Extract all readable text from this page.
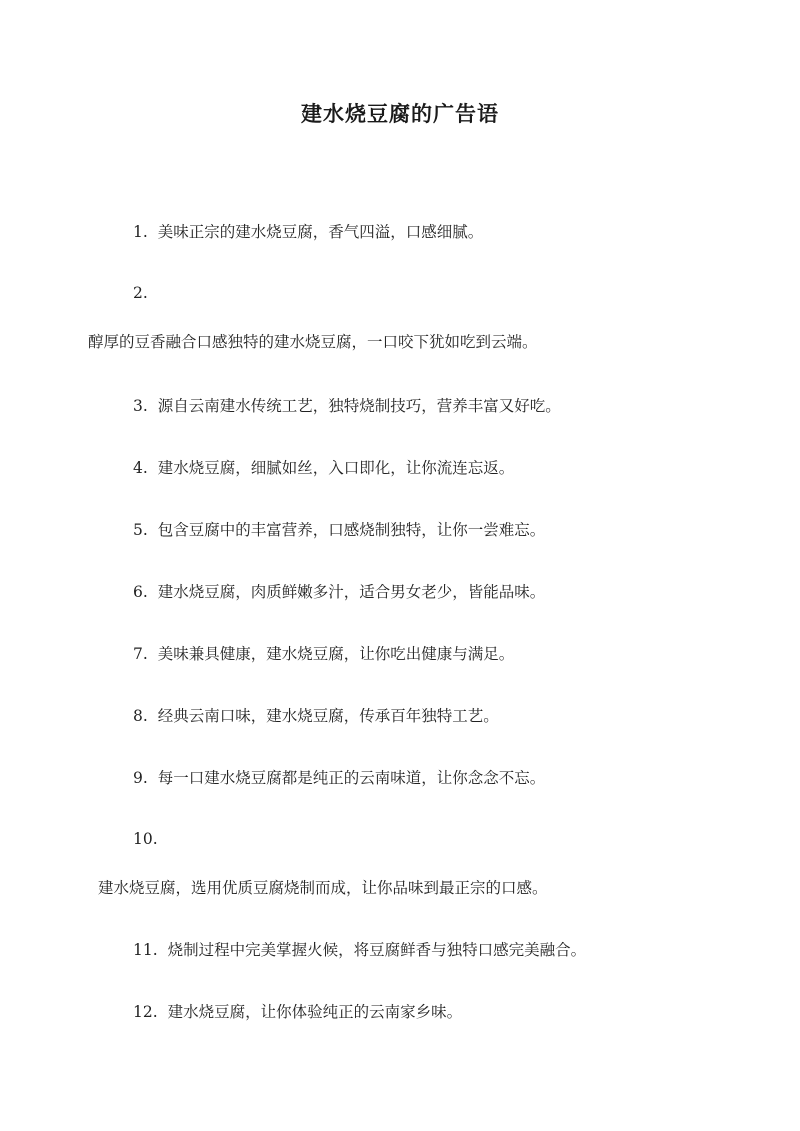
建水烧豆腐的广告语
1. 美味正宗的建水烧豆腐，香气四溢，口感细腻。
2.
醇厚的豆香融合口感独特的建水烧豆腐，一口咬下犹如吃到云端。
3. 源自云南建水传统工艺，独特烧制技巧，营养丰富又好吃。
4. 建水烧豆腐，细腻如丝，入口即化，让你流连忘返。
5. 包含豆腐中的丰富营养，口感烧制独特，让你一尝难忘。
6. 建水烧豆腐，肉质鲜嫩多汁，适合男女老少，皆能品味。
7. 美味兼具健康，建水烧豆腐，让你吃出健康与满足。
8. 经典云南口味，建水烧豆腐，传承百年独特工艺。
9. 每一口建水烧豆腐都是纯正的云南味道，让你念念不忘。
10.
建水烧豆腐，选用优质豆腐烧制而成，让你品味到最正宗的口感。
11. 烧制过程中完美掌握火候，将豆腐鲜香与独特口感完美融合。
12. 建水烧豆腐，让你体验纯正的云南家乡味。
